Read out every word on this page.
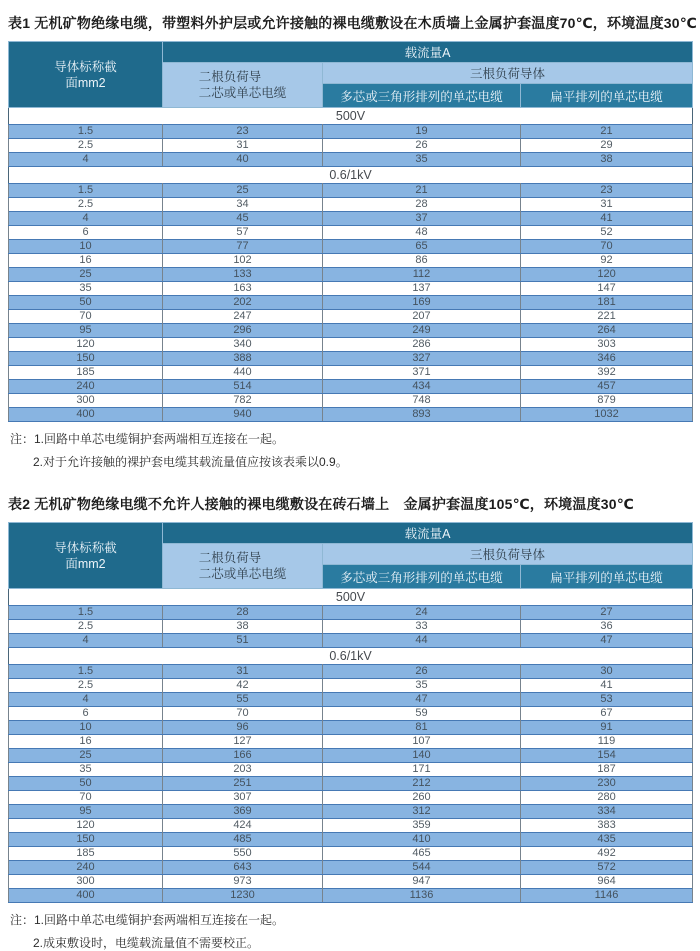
表1 无机矿物绝缘电缆，带塑料外护层或允许接触的裸电缆敷设在木质墙上金属护套温度70℃，环境温度30℃
导体标称截
面mm2	载流量A		

	二根负荷导
二芯或单芯电缆	三根负荷导体	
		多芯或三角形排列的单芯电缆	扁平排列的单芯电缆
500V			
1.5	23	19	21
2.5	31	26	29
4	40	35	38
0.6/1kV			
1.5	25	21	23
2.5	34	28	31
4	45	37	41
6	57	48	52
10	77	65	70
16	102	86	92
25	133	112	120
35	163	137	147
50	202	169	181
70	247	207	221
95	296	249	264
120	340	286	303
150	388	327	346
185	440	371	392
240	514	434	457
300	782	748	879
400	940	893	1032
注：1.回路中单芯电缆铜护套两端相互连接在一起。
2.对于允许接触的裸护套电缆其载流量值应按该表乘以0.9。
表2 无机矿物绝缘电缆不允许人接触的裸电缆敷设在砖石墙上　金属护套温度105℃，环境温度30℃
导体标称截
面mm2	载流量A		

	二根负荷导
二芯或单芯电缆	三根负荷导体	
		多芯或三角形排列的单芯电缆	扁平排列的单芯电缆
500V			
1.5	28	24	27
2.5	38	33	36
4	51	44	47
0.6/1kV			
1.5	31	26	30
2.5	42	35	41
4	55	47	53
6	70	59	67
10	96	81	91
16	127	107	119
25	166	140	154
35	203	171	187
50	251	212	230
70	307	260	280
95	369	312	334
120	424	359	383
150	485	410	435
185	550	465	492
240	643	544	572
300	973	947	964
400	1230	1136	1146
注：1.回路中单芯电缆铜护套两端相互连接在一起。
2.成束敷设时，电缆载流量值不需要校正。
